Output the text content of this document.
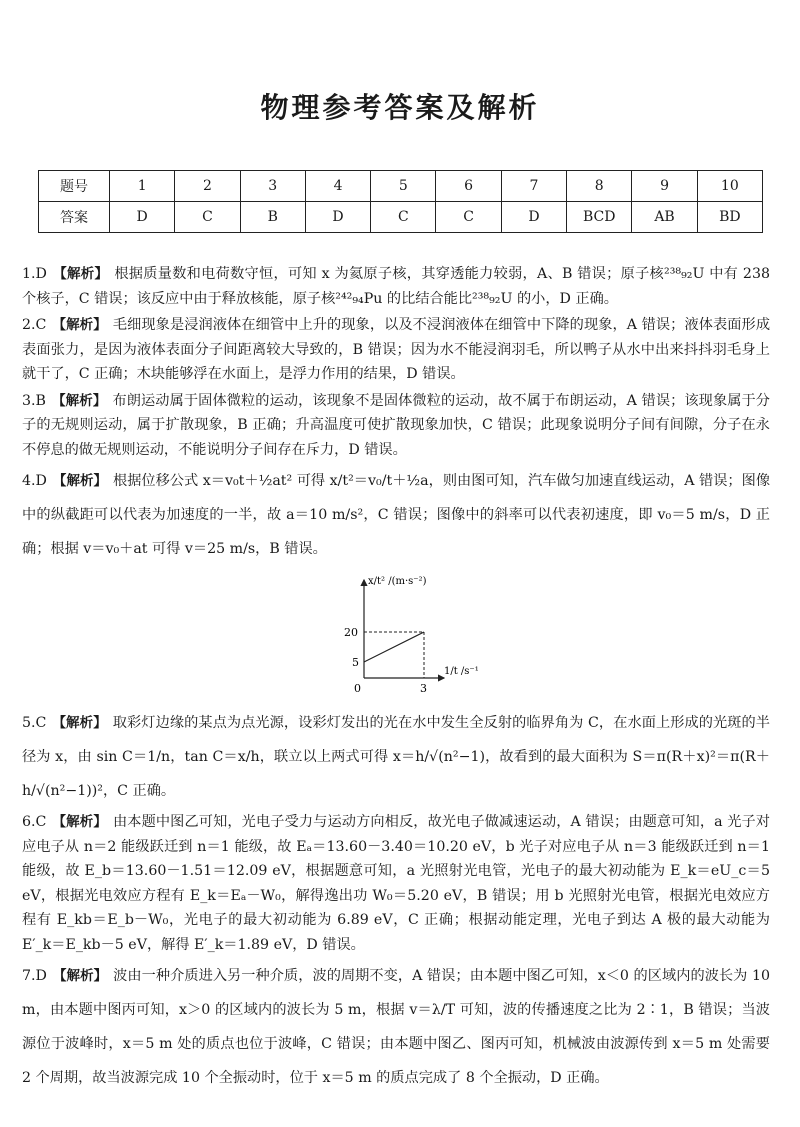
物理参考答案及解析
题号	1	2	3	4	5	6	7	8	9	10
答案	D	C	B	D	C	C	D	BCD	AB	BD

1.D 【解析】 根据质量数和电荷数守恒，可知 x 为氦原子核，其穿透能力较弱，A、B 错误；原子核²³⁸₉₂U 中有 238 个核子，C 错误；该反应中由于释放核能，原子核²⁴²₉₄Pu 的比结合能比²³⁸₉₂U 的小，D 正确。

2.C 【解析】 毛细现象是浸润液体在细管中上升的现象，以及不浸润液体在细管中下降的现象，A 错误；液体表面形成表面张力，是因为液体表面分子间距离较大导致的，B 错误；因为水不能浸润羽毛，所以鸭子从水中出来抖抖羽毛身上就干了，C 正确；木块能够浮在水面上，是浮力作用的结果，D 错误。

3.B 【解析】 布朗运动属于固体微粒的运动，该现象不是固体微粒的运动，故不属于布朗运动，A 错误；该现象属于分子的无规则运动，属于扩散现象，B 正确；升高温度可使扩散现象加快，C 错误；此现象说明分子间有间隙，分子在永不停息的做无规则运动，不能说明分子间存在斥力，D 错误。

4.D 【解析】 根据位移公式 x＝v₀t＋½at² 可得 x/t²＝v₀/t＋½a，则由图可知，汽车做匀加速直线运动，A 错误；图像中的纵截距可以代表为加速度的一半，故 a＝10 m/s²，C 错误；图像中的斜率可以代表初速度，即 v₀＝5 m/s，D 正确；根据 v＝v₀＋at 可得 v＝25 m/s，B 错误。

x/t² /(m·s⁻²)
1/t /s⁻¹
20
5
0	3

5.C 【解析】 取彩灯边缘的某点为点光源，设彩灯发出的光在水中发生全反射的临界角为 C，在水面上形成的光斑的半径为 x，由 sin C＝1/n，tan C＝x/h，联立以上两式可得 x＝h/√(n²−1)，故看到的最大面积为 S＝π(R＋x)²＝π(R＋h/√(n²−1))²，C 正确。

6.C 【解析】 由本题中图乙可知，光电子受力与运动方向相反，故光电子做减速运动，A 错误；由题意可知，a 光子对应电子从 n＝2 能级跃迁到 n＝1 能级，故 Eₐ＝13.60－3.40＝10.20 eV，b 光子对应电子从 n＝3 能级跃迁到 n＝1 能级，故 E_b＝13.60－1.51＝12.09 eV，根据题意可知，a 光照射光电管，光电子的最大初动能为 E_k＝eU_c＝5 eV，根据光电效应方程有 E_k＝Eₐ－W₀，解得逸出功 W₀＝5.20 eV，B 错误；用 b 光照射光电管，根据光电效应方程有 E_kb＝E_b－W₀，光电子的最大初动能为 6.89 eV，C 正确；根据动能定理，光电子到达 A 极的最大动能为 E′_k＝E_kb－5 eV，解得 E′_k＝1.89 eV，D 错误。

7.D 【解析】 波由一种介质进入另一种介质，波的周期不变，A 错误；由本题中图乙可知，x＜0 的区域内的波长为 10 m，由本题中图丙可知，x＞0 的区域内的波长为 5 m，根据 v＝λ/T 可知，波的传播速度之比为 2∶1，B 错误；当波源位于波峰时，x＝5 m 处的质点也位于波峰，C 错误；由本题中图乙、图丙可知，机械波由波源传到 x＝5 m 处需要 2 个周期，故当波源完成 10 个全振动时，位于 x＝5 m 的质点完成了 8 个全振动，D 正确。
